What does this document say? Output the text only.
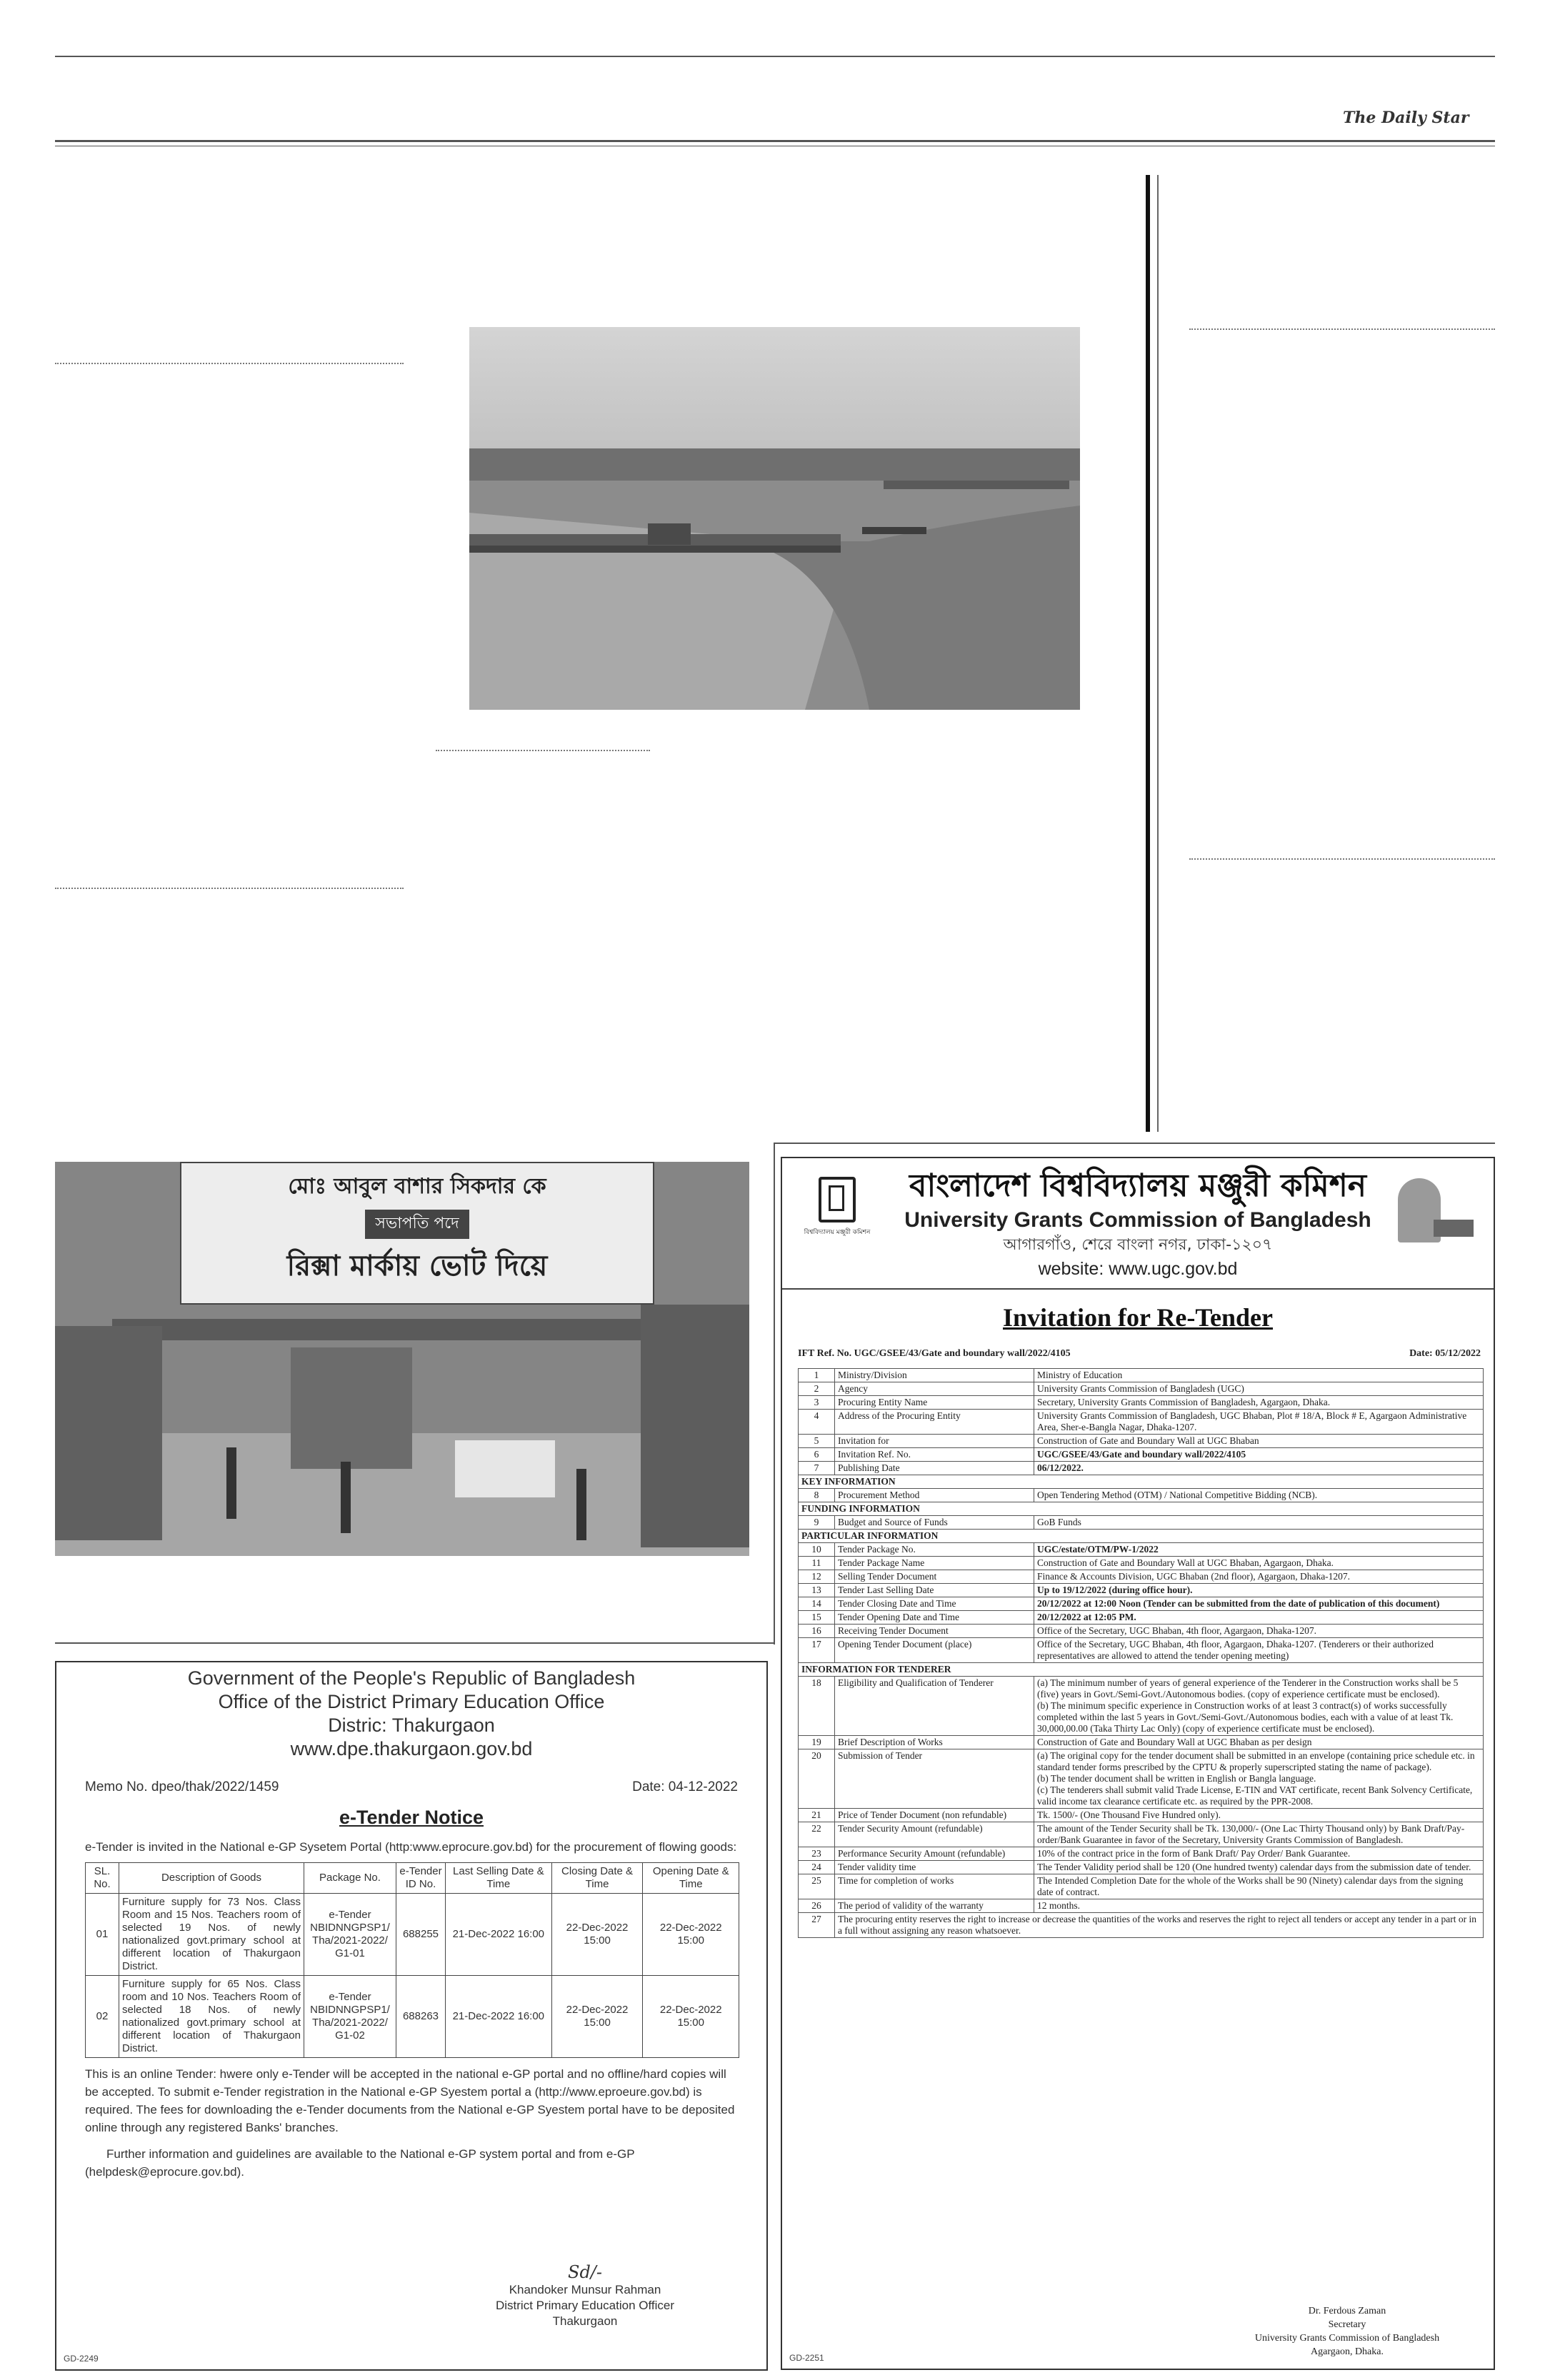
The Daily Star
মোঃ আবুল বাশার সিকদার কে
সভাপতি পদে
রিক্সা মার্কায় ভোট দিয়ে
Government of the People's Republic of Bangladesh
Office of the District Primary Education Office
Distric: Thakurgaon
www.dpe.thakurgaon.gov.bd
Memo No. dpeo/thak/2022/1459	Date: 04-12-2022
e-Tender Notice
e-Tender is invited in the National e-GP Sysetem Portal (http:www.eprocure.gov.bd) for the procurement of flowing goods:
SL. No.	Description of Goods	Package No.	e-Tender ID No.	Last Selling Date & Time	Closing Date & Time	Opening Date & Time
01	Furniture supply for 73 Nos. Class Room and 15 Nos. Teachers room of selected 19 Nos. of newly nationalized govt.primary school at different location of Thakurgaon District.	e-Tender NBIDNNGPSP1/ Tha/2021-2022/ G1-01	688255	21-Dec-2022 16:00	22-Dec-2022 15:00	22-Dec-2022 15:00
02	Furniture supply for 65 Nos. Class room and 10 Nos. Teachers Room of selected 18 Nos. of newly nationalized govt.primary school at different location of Thakurgaon District.	e-Tender NBIDNNGPSP1/ Tha/2021-2022/ G1-02	688263	21-Dec-2022 16:00	22-Dec-2022 15:00	22-Dec-2022 15:00
This is an online Tender: hwere only e-Tender will be accepted in the national e-GP portal and no offline/hard copies will be accepted. To submit e-Tender registration in the National e-GP Syestem portal a (http://www.eproeure.gov.bd) is required. The fees for downloading the e-Tender documents from the National e-GP Syestem portal have to be deposited online through any registered Banks' branches.
Further information and guidelines are available to the National e-GP system portal and from e-GP (helpdesk@eprocure.gov.bd).
Sd/-
Khandoker Munsur Rahman
District Primary Education Officer
Thakurgaon
GD-2249
বিশ্ববিদ্যালয় মঞ্জুরী কমিশন
বাংলাদেশ বিশ্ববিদ্যালয় মঞ্জুরী কমিশন
University Grants Commission of Bangladesh
আগারগাঁও, শেরে বাংলা নগর, ঢাকা-১২০৭
website: www.ugc.gov.bd
Invitation for Re-Tender
IFT Ref. No. UGC/GSEE/43/Gate and boundary wall/2022/4105	Date: 05/12/2022
1	Ministry/Division	Ministry of Education
2	Agency	University Grants Commission of Bangladesh (UGC)
3	Procuring Entity Name	Secretary, University Grants Commission of Bangladesh, Agargaon, Dhaka.
4	Address of the Procuring Entity	University Grants Commission of Bangladesh, UGC Bhaban, Plot # 18/A, Block # E, Agargaon Administrative Area, Sher-e-Bangla Nagar, Dhaka-1207.
5	Invitation for	Construction of Gate and Boundary Wall at UGC Bhaban
6	Invitation Ref. No.	UGC/GSEE/43/Gate and boundary wall/2022/4105
7	Publishing Date	06/12/2022.
KEY INFORMATION		
8	Procurement Method	Open Tendering Method (OTM) / National Competitive Bidding (NCB).
FUNDING INFORMATION		
9	Budget and Source of Funds	GoB Funds
PARTICULAR INFORMATION		
10	Tender Package No.	UGC/estate/OTM/PW-1/2022
11	Tender Package Name	Construction of Gate and Boundary Wall at UGC Bhaban, Agargaon, Dhaka.
12	Selling Tender Document	Finance & Accounts Division, UGC Bhaban (2nd floor), Agargaon, Dhaka-1207.
13	Tender Last Selling Date	Up to 19/12/2022 (during office hour).
14	Tender Closing Date and Time	20/12/2022 at 12:00 Noon (Tender can be submitted from the date of publication of this document)
15	Tender Opening Date and Time	20/12/2022 at 12:05 PM.
16	Receiving Tender Document	Office of the Secretary, UGC Bhaban, 4th floor, Agargaon, Dhaka-1207.
17	Opening Tender Document (place)	Office of the Secretary, UGC Bhaban, 4th floor, Agargaon, Dhaka-1207. (Tenderers or their authorized representatives are allowed to attend the tender opening meeting)
INFORMATION FOR TENDERER		
18	Eligibility and Qualification of Tenderer	(a) The minimum number of years of general experience of the Tenderer in the Construction works shall be 5 (five) years in Govt./Semi-Govt./Autonomous bodies. (copy of experience certificate must be enclosed).
(b) The minimum specific experience in Construction works of at least 3 contract(s) of works successfully completed within the last 5 years in Govt./Semi-Govt./Autonomous bodies, each with a value of at least Tk. 30,000,00.00 (Taka Thirty Lac Only) (copy of experience certificate must be enclosed).
19	Brief Description of Works	Construction of Gate and Boundary Wall at UGC Bhaban as per design
20	Submission of Tender	(a) The original copy for the tender document shall be submitted in an envelope (containing price schedule etc. in standard tender forms prescribed by the CPTU & properly superscripted stating the name of package).
(b) The tender document shall be written in English or Bangla language.
(c) The tenderers shall submit valid Trade License, E-TIN and VAT certificate, recent Bank Solvency Certificate, valid income tax clearance certificate etc. as required by the PPR-2008.
21	Price of Tender Document (non refundable)	Tk. 1500/- (One Thousand Five Hundred only).
22	Tender Security Amount (refundable)	The amount of the Tender Security shall be Tk. 130,000/- (One Lac Thirty Thousand only) by Bank Draft/Pay-order/Bank Guarantee in favor of the Secretary, University Grants Commission of Bangladesh.
23	Performance Security Amount (refundable)	10% of the contract price in the form of Bank Draft/ Pay Order/ Bank Guarantee.
24	Tender validity time	The Tender Validity period shall be 120 (One hundred twenty) calendar days from the submission date of tender.
25	Time for completion of works	The Intended Completion Date for the whole of the Works shall be 90 (Ninety) calendar days from the signing date of contract.
26	The period of validity of the warranty	12 months.
27	The procuring entity reserves the right to increase or decrease the quantities of the works and reserves the right to reject all tenders or accept any tender in a part or in a full without assigning any reason whatsoever.	
Dr. Ferdous Zaman
Secretary
University Grants Commission of Bangladesh
Agargaon, Dhaka.
GD-2251
